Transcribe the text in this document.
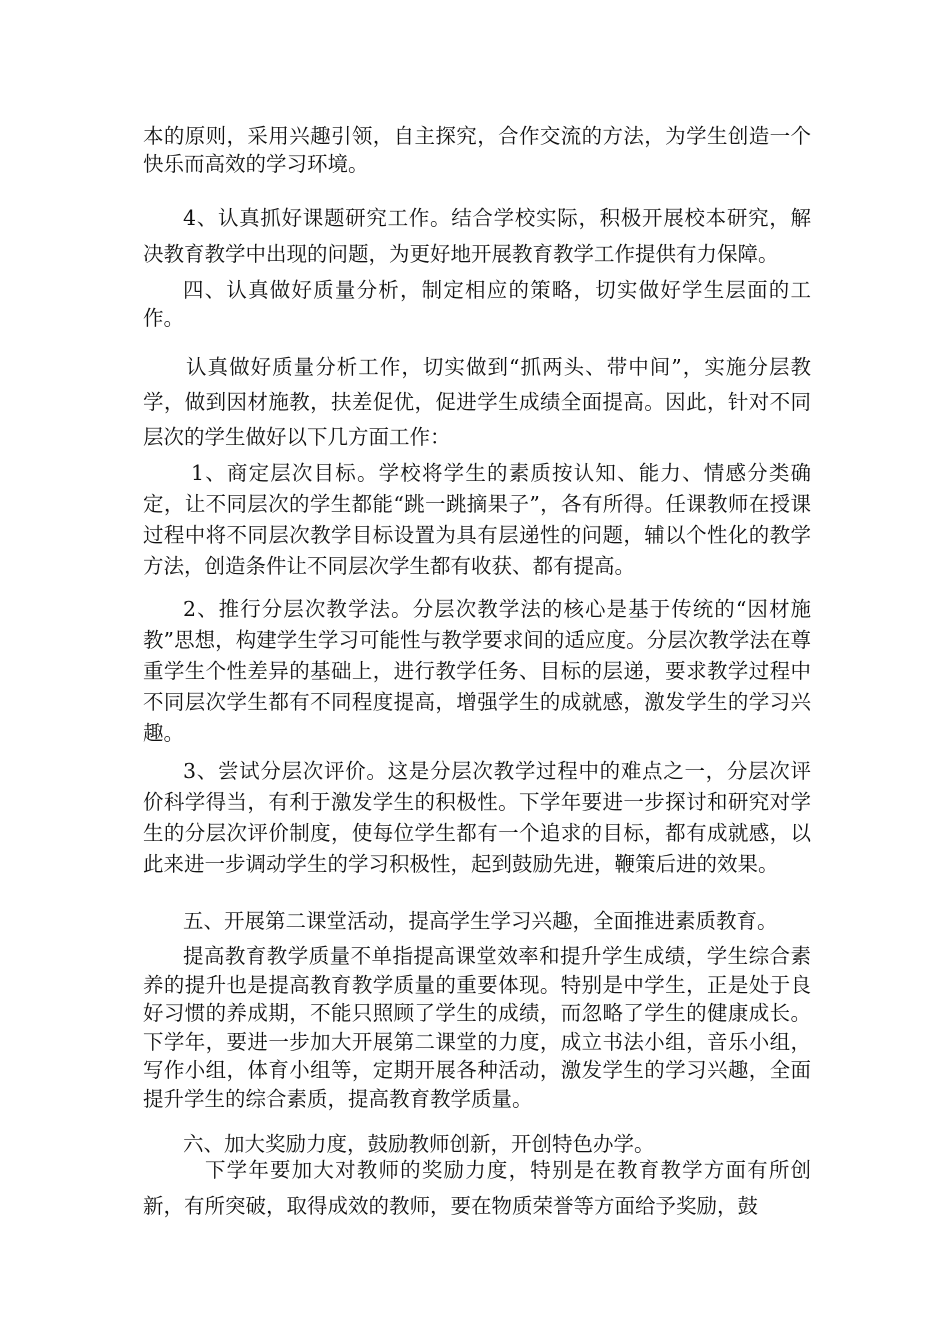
本的原则，采用兴趣引领，自主探究，合作交流的方法，为学生创造一个快乐而高效的学习环境。

4、认真抓好课题研究工作。结合学校实际，积极开展校本研究，解决教育教学中出现的问题，为更好地开展教育教学工作提供有力保障。

四、认真做好质量分析，制定相应的策略，切实做好学生层面的工作。

认真做好质量分析工作，切实做到“抓两头、带中间”，实施分层教学，做到因材施教，扶差促优，促进学生成绩全面提高。因此，针对不同层次的学生做好以下几方面工作：

1、商定层次目标。学校将学生的素质按认知、能力、情感分类确定，让不同层次的学生都能“跳一跳摘果子”，各有所得。任课教师在授课过程中将不同层次教学目标设置为具有层递性的问题，辅以个性化的教学方法，创造条件让不同层次学生都有收获、都有提高。

2、推行分层次教学法。分层次教学法的核心是基于传统的“因材施教”思想，构建学生学习可能性与教学要求间的适应度。分层次教学法在尊重学生个性差异的基础上，进行教学任务、目标的层递，要求教学过程中不同层次学生都有不同程度提高，增强学生的成就感，激发学生的学习兴趣。

3、尝试分层次评价。这是分层次教学过程中的难点之一，分层次评价科学得当，有利于激发学生的积极性。下学年要进一步探讨和研究对学生的分层次评价制度，使每位学生都有一个追求的目标，都有成就感，以此来进一步调动学生的学习积极性，起到鼓励先进，鞭策后进的效果。

五、开展第二课堂活动，提高学生学习兴趣，全面推进素质教育。

提高教育教学质量不单指提高课堂效率和提升学生成绩，学生综合素养的提升也是提高教育教学质量的重要体现。特别是中学生，正是处于良好习惯的养成期，不能只照顾了学生的成绩，而忽略了学生的健康成长。下学年，要进一步加大开展第二课堂的力度，成立书法小组，音乐小组，写作小组，体育小组等，定期开展各种活动，激发学生的学习兴趣，全面提升学生的综合素质，提高教育教学质量。

六、加大奖励力度，鼓励教师创新，开创特色办学。

下学年要加大对教师的奖励力度，特别是在教育教学方面有所创新，有所突破，取得成效的教师，要在物质荣誉等方面给予奖励，鼓
